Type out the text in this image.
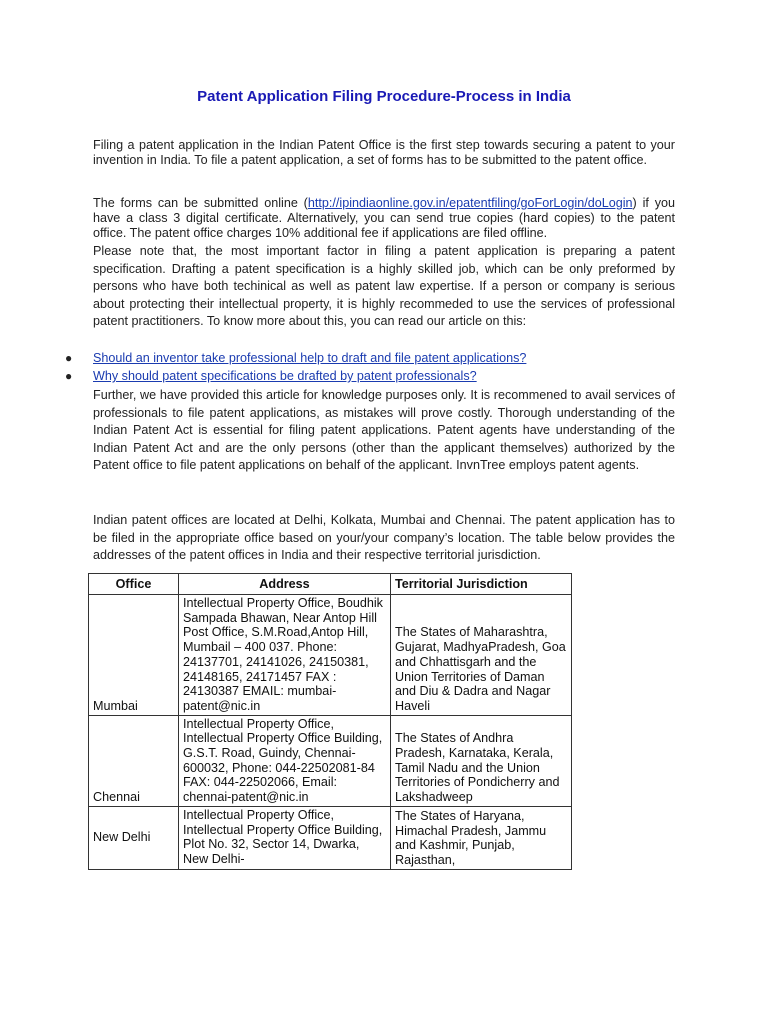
Patent Application Filing Procedure-Process in India

Filing a patent application in the Indian Patent Office is the first step towards securing a patent to your invention in India. To file a patent application, a set of forms has to be submitted to the patent office.

The forms can be submitted online (http://ipindiaonline.gov.in/epatentfiling/goForLogin/doLogin) if you have a class 3 digital certificate. Alternatively, you can send true copies (hard copies) to the patent office. The patent office charges 10% additional fee if applications are filed offline.

Please note that, the most important factor in filing a patent application is preparing a patent specification. Drafting a patent specification is a highly skilled job, which can be only preformed by persons who have both techinical as well as patent law expertise. If a person or company is serious about protecting their intellectual property, it is highly recommeded to use the services of professional patent practitioners. To know more about this, you can read our article on this:

● Should an inventor take professional help to draft and file patent applications?
● Why should patent specifications be drafted by patent professionals?

Further, we have provided this article for knowledge purposes only. It is recommened to avail services of professionals to file patent applications, as mistakes will prove costly. Thorough understanding of the Indian Patent Act is essential for filing patent applications. Patent agents have understanding of the Indian Patent Act and are the only persons (other than the applicant themselves) authorized by the Patent office to file patent applications on behalf of the applicant. InvnTree employs patent agents.

Indian patent offices are located at Delhi, Kolkata, Mumbai and Chennai. The patent application has to be filed in the appropriate office based on your/your company’s location. The table below provides the addresses of the patent offices in India and their respective territorial jurisdiction.

Office	Address	Territorial Jurisdiction
Mumbai	Intellectual Property Office, Boudhik Sampada Bhawan, Near Antop Hill Post Office, S.M.Road,Antop Hill, Mumbail – 400 037. Phone: 24137701, 24141026, 24150381, 24148165, 24171457 FAX : 24130387 EMAIL: mumbai-patent@nic.in	The States of Maharashtra, Gujarat, MadhyaPradesh, Goa and Chhattisgarh and the Union Territories of Daman and Diu & Dadra and Nagar Haveli
Chennai	Intellectual Property Office, Intellectual Property Office Building, G.S.T. Road, Guindy, Chennai-600032, Phone: 044-22502081-84 FAX: 044-22502066, Email: chennai-patent@nic.in	The States of Andhra Pradesh, Karnataka, Kerala, Tamil Nadu and the Union Territories of Pondicherry and Lakshadweep
New Delhi	Intellectual Property Office, Intellectual Property Office Building, Plot No. 32, Sector 14, Dwarka, New Delhi-	The States of Haryana, Himachal Pradesh, Jammu and Kashmir, Punjab, Rajasthan,
